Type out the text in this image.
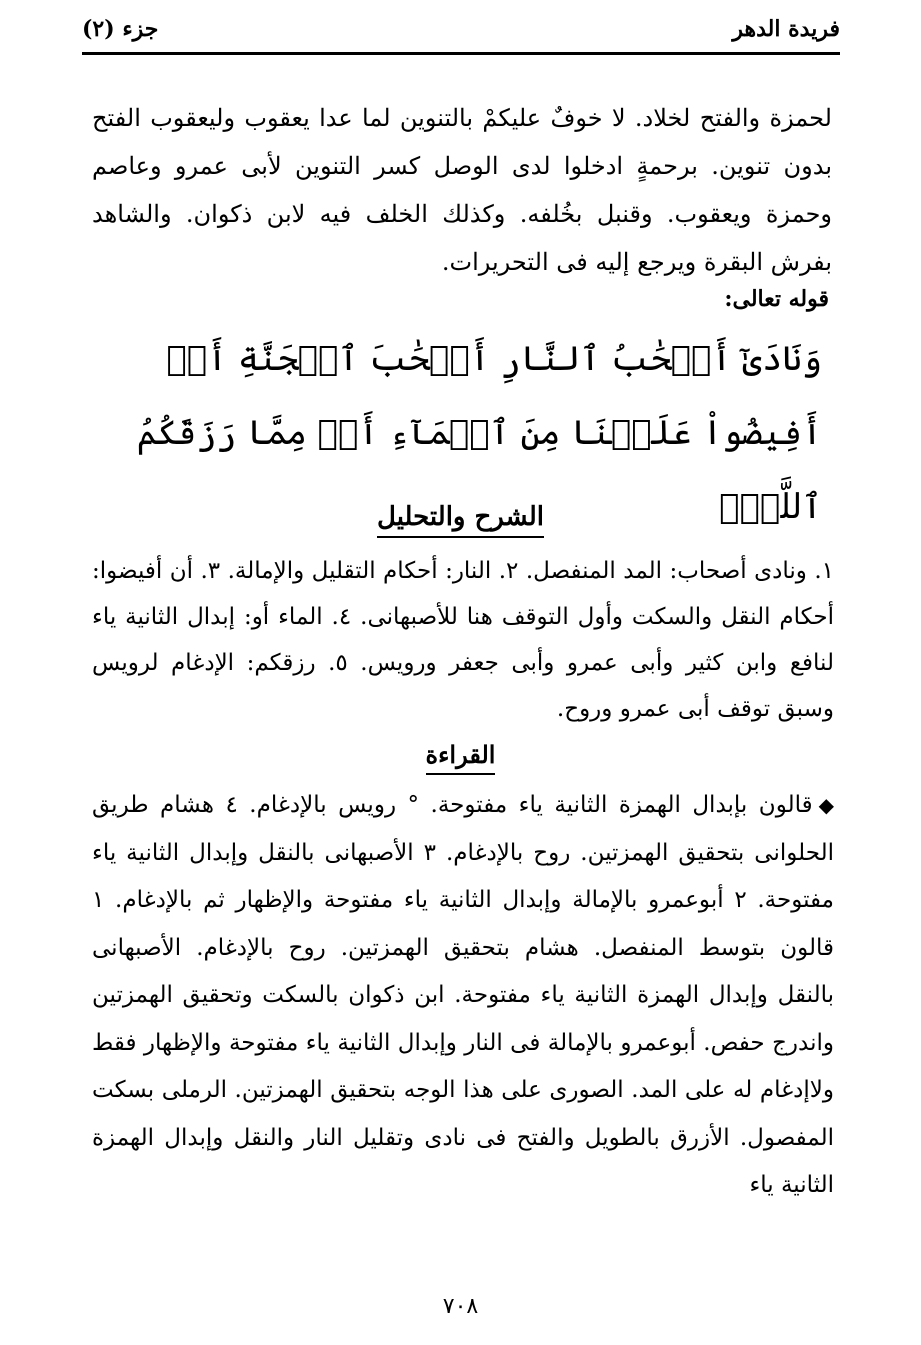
فريدة الدهر
جزء (٢)

لحمزة والفتح لخلاد. لا خوفٌ عليكمْ بالتنوين لما عدا يعقوب وليعقوب الفتح بدون تنوين. برحمةٍ ادخلوا لدى الوصل كسر التنوين لأبى عمرو وعاصم وحمزة ويعقوب. وقنبل بخُلفه. وكذلك الخلف فيه لابن ذكوان. والشاهد بفرش البقرة ويرجع إليه فى التحريرات.

قوله تعالى:
وَنَادَىٰٓ أَصۡحَٰبُ ٱلنَّارِ أَصۡحَٰبَ ٱلۡجَنَّةِ أَنۡ أَفِيضُواْ عَلَيۡنَا مِنَ ٱلۡمَآءِ أَوۡ مِمَّا رَزَقَكُمُ ٱللَّهُۚ
الشرح والتحليل
١. ونادى أصحاب: المد المنفصل. ٢. النار: أحكام التقليل والإمالة. ٣. أن أفيضوا: أحكام النقل والسكت وأول التوقف هنا للأصبهانى. ٤. الماء أو: إبدال الثانية ياء لنافع وابن كثير وأبى عمرو وأبى جعفر ورويس. ٥. رزقكم: الإدغام لرويس وسبق توقف أبى عمرو وروح.
القراءة
◆قالون بإبدال الهمزة الثانية ياء مفتوحة. ° رويس بالإدغام. ٤ هشام طريق الحلوانى بتحقيق الهمزتين. روح بالإدغام. ٣ الأصبهانى بالنقل وإبدال الثانية ياء مفتوحة. ٢ أبوعمرو بالإمالة وإبدال الثانية ياء مفتوحة والإظهار ثم بالإدغام. ١ قالون بتوسط المنفصل. هشام بتحقيق الهمزتين. روح بالإدغام. الأصبهانى بالنقل وإبدال الهمزة الثانية ياء مفتوحة. ابن ذكوان بالسكت وتحقيق الهمزتين واندرج حفص. أبوعمرو بالإمالة فى النار وإبدال الثانية ياء مفتوحة والإظهار فقط ولاإدغام له على المد. الصورى على هذا الوجه بتحقيق الهمزتين. الرملى بسكت المفصول. الأزرق بالطويل والفتح فى نادى وتقليل النار والنقل وإبدال الهمزة الثانية ياء
٧٠٨
